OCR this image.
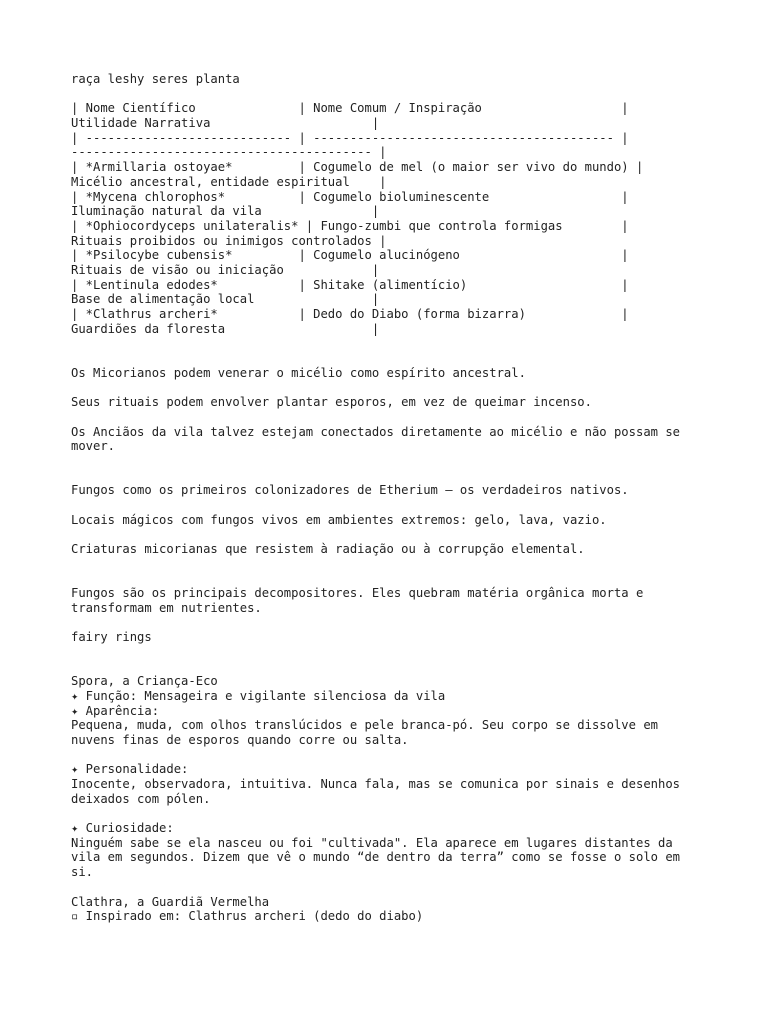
raça leshy seres planta
| Nome Científico              | Nome Comum / Inspiração                   |
Utilidade Narrativa                      |
| ---------------------------- | ----------------------------------------- |
----------------------------------------- |
| *Armillaria ostoyae*         | Cogumelo de mel (o maior ser vivo do mundo) |
Micélio ancestral, entidade espiritual    |
| *Mycena chlorophos*          | Cogumelo bioluminescente                  |
Iluminação natural da vila               |
| *Ophiocordyceps unilateralis* | Fungo-zumbi que controla formigas        |
Rituais proibidos ou inimigos controlados |
| *Psilocybe cubensis*         | Cogumelo alucinógeno                      |
Rituais de visão ou iniciação            |
| *Lentinula edodes*           | Shitake (alimentício)                     |
Base de alimentação local                |
| *Clathrus archeri*           | Dedo do Diabo (forma bizarra)             |
Guardiões da floresta                    |
Os Micorianos podem venerar o micélio como espírito ancestral.
Seus rituais podem envolver plantar esporos, em vez de queimar incenso.
Os Anciãos da vila talvez estejam conectados diretamente ao micélio e não possam se
mover.
Fungos como os primeiros colonizadores de Etherium — os verdadeiros nativos.
Locais mágicos com fungos vivos em ambientes extremos: gelo, lava, vazio.
Criaturas micorianas que resistem à radiação ou à corrupção elemental.
Fungos são os principais decompositores. Eles quebram matéria orgânica morta e
transformam em nutrientes.
fairy rings
Spora, a Criança-Eco
✦ Função: Mensageira e vigilante silenciosa da vila
✦ Aparência:
Pequena, muda, com olhos translúcidos e pele branca-pó. Seu corpo se dissolve em
nuvens finas de esporos quando corre ou salta.
✦ Personalidade:
Inocente, observadora, intuitiva. Nunca fala, mas se comunica por sinais e desenhos
deixados com pólen.
✦ Curiosidade:
Ninguém sabe se ela nasceu ou foi "cultivada". Ela aparece em lugares distantes da
vila em segundos. Dizem que vê o mundo “de dentro da terra” como se fosse o solo em
si.
Clathra, a Guardiã Vermelha
▫ Inspirado em: Clathrus archeri (dedo do diabo)
